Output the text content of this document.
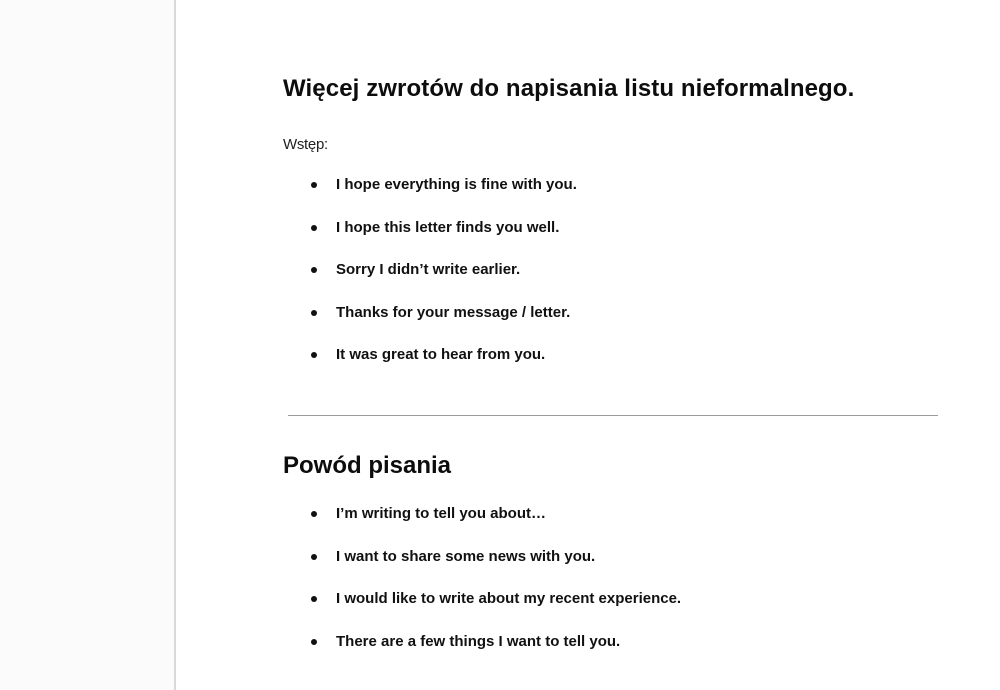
Więcej zwrotów do napisania listu nieformalnego.
Wstęp:
I hope everything is fine with you.
I hope this letter finds you well.
Sorry I didn’t write earlier.
Thanks for your message / letter.
It was great to hear from you.
Powód pisania
I’m writing to tell you about…
I want to share some news with you.
I would like to write about my recent experience.
There are a few things I want to tell you.
